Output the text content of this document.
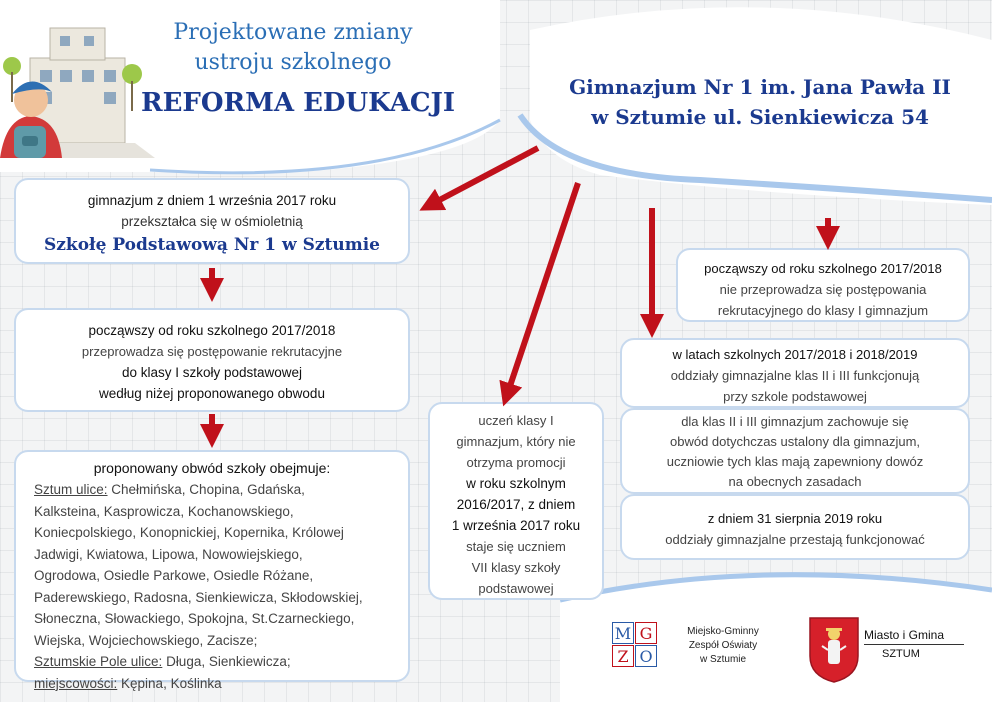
Projektowane zmiany
ustroju szkolnego
REFORMA EDUKACJI
Gimnazjum Nr 1 im. Jana Pawła II
w Sztumie ul. Sienkiewicza 54
gimnazjum z dniem 1 września 2017 roku
przekształca się w ośmioletnią
Szkołę Podstawową Nr 1 w Sztumie
począwszy od roku szkolnego 2017/2018
przeprowadza się postępowanie rekrutacyjne
do klasy I szkoły podstawowej
według niżej proponowanego obwodu
proponowany obwód szkoły obejmuje:
Sztum ulice: Chełmińska, Chopina, Gdańska,
Kalksteina, Kasprowicza, Kochanowskiego,
Koniecpolskiego, Konopnickiej, Kopernika, Królowej
Jadwigi, Kwiatowa, Lipowa, Nowowiejskiego,
Ogrodowa, Osiedle Parkowe, Osiedle Różane,
Paderewskiego, Radosna, Sienkiewicza, Skłodowskiej,
Słoneczna, Słowackiego, Spokojna, St.Czarneckiego,
Wiejska, Wojciechowskiego, Zacisze;
Sztumskie Pole ulice: Długa, Sienkiewicza;
miejscowości: Kępina, Koślinka
uczeń klasy I
gimnazjum, który nie
otrzyma promocji
w roku szkolnym
2016/2017, z dniem
1 września 2017 roku
staje się uczniem
VII klasy szkoły
podstawowej
począwszy od roku szkolnego 2017/2018
nie przeprowadza się postępowania
rekrutacyjnego do klasy I gimnazjum
w latach szkolnych 2017/2018 i 2018/2019
oddziały gimnazjalne klas II i III funkcjonują
przy szkole podstawowej
dla klas II i III gimnazjum zachowuje się
obwód dotychczas ustalony dla gimnazjum,
uczniowie tych klas mają zapewniony dowóz
na obecnych zasadach
z dniem 31 sierpnia 2019 roku
oddziały gimnazjalne przestają funkcjonować
M G
Z O
Miejsko-Gminny
Zespół Oświaty
w Sztumie
Miasto i Gmina
SZTUM
